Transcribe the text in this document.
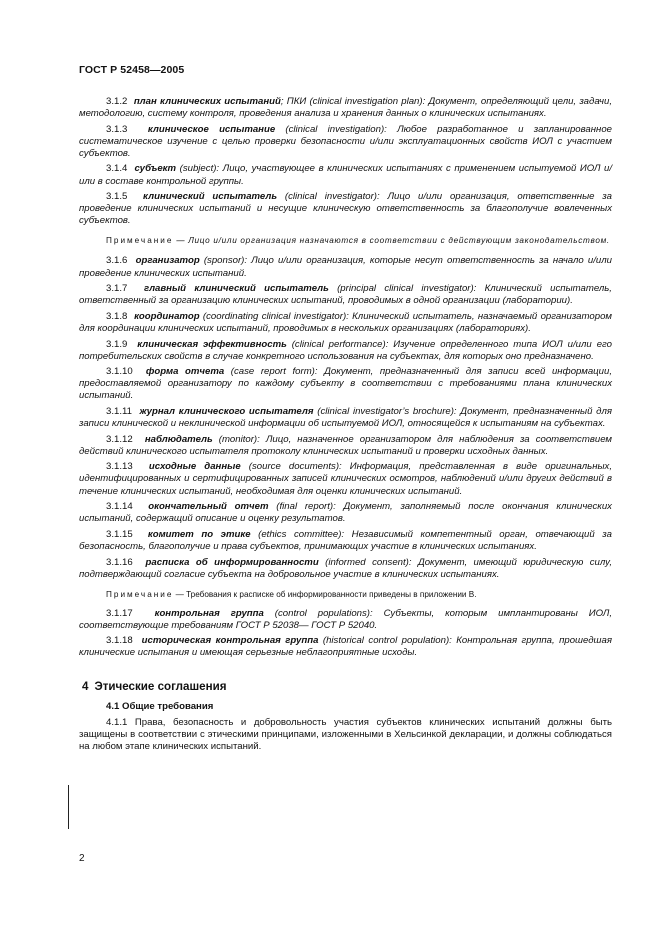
ГОСТ Р 52458—2005

3.1.2 план клинических испытаний; ПКИ (clinical investigation plan): Документ, определяющий цели, задачи, методологию, систему контроля, проведения анализа и хранения данных о клинических испытаниях.

3.1.3 клиническое испытание (clinical investigation): Любое разработанное и запланированное систематическое изучение с целью проверки безопасности и/или эксплуатационных свойств ИОЛ с участием субъектов.

3.1.4 субъект (subject): Лицо, участвующее в клинических испытаниях с применением испытуемой ИОЛ и/или в составе контрольной группы.

3.1.5 клинический испытатель (clinical investigator): Лицо и/или организация, ответственные за проведение клинических испытаний и несущие клиническую ответственность за благополучие вовлеченных субъектов.

Примечание — Лицо и/или организация назначаются в соответствии с действующим законодательством.

3.1.6 организатор (sponsor): Лицо и/или организация, которые несут ответственность за начало и/или проведение клинических испытаний.

3.1.7 главный клинический испытатель (principal clinical investigator): Клинический испытатель, ответственный за организацию клинических испытаний, проводимых в одной организации (лаборатории).

3.1.8 координатор (coordinating clinical investigator): Клинический испытатель, назначаемый организатором для координации клинических испытаний, проводимых в нескольких организациях (лабораториях).

3.1.9 клиническая эффективность (clinical performance): Изучение определенного типа ИОЛ и/или его потребительских свойств в случае конкретного использования на субъектах, для которых оно предназначено.

3.1.10 форма отчета (case report form): Документ, предназначенный для записи всей информации, предоставляемой организатору по каждому субъекту в соответствии с требованиями плана клинических испытаний.

3.1.11 журнал клинического испытателя (clinical investigator’s brochure): Документ, предназначенный для записи клинической и неклинической информации об испытуемой ИОЛ, относящейся к испытаниям на субъектах.

3.1.12 наблюдатель (monitor): Лицо, назначенное организатором для наблюдения за соответствием действий клинического испытателя протоколу клинических испытаний и проверки исходных данных.

3.1.13 исходные данные (source documents): Информация, представленная в виде оригинальных, идентифицированных и сертифицированных записей клинических осмотров, наблюдений и/или других действий в течение клинических испытаний, необходимая для оценки клинических испытаний.

3.1.14 окончательный отчет (final report): Документ, заполняемый после окончания клинических испытаний, содержащий описание и оценку результатов.

3.1.15 комитет по этике (ethics committee): Независимый компетентный орган, отвечающий за безопасность, благополучие и права субъектов, принимающих участие в клинических испытаниях.

3.1.16 расписка об информированности (informed consent): Документ, имеющий юридическую силу, подтверждающий согласие субъекта на добровольное участие в клинических испытаниях.

Примечание — Требования к расписке об информированности приведены в приложении В.

3.1.17 контрольная группа (control populations): Субъекты, которым имплантированы ИОЛ, соответствующие требованиям ГОСТ Р 52038— ГОСТ Р 52040.

3.1.18 историческая контрольная группа (historical control population): Контрольная группа, прошедшая клинические испытания и имеющая серьезные неблагоприятные исходы.

4 Этические соглашения
4.1 Общие требования

4.1.1 Права, безопасность и добровольность участия субъектов клинических испытаний должны быть защищены в соответствии с этическими принципами, изложенными в Хельсинкой декларации, и должны соблюдаться на любом этапе клинических испытаний.

2
